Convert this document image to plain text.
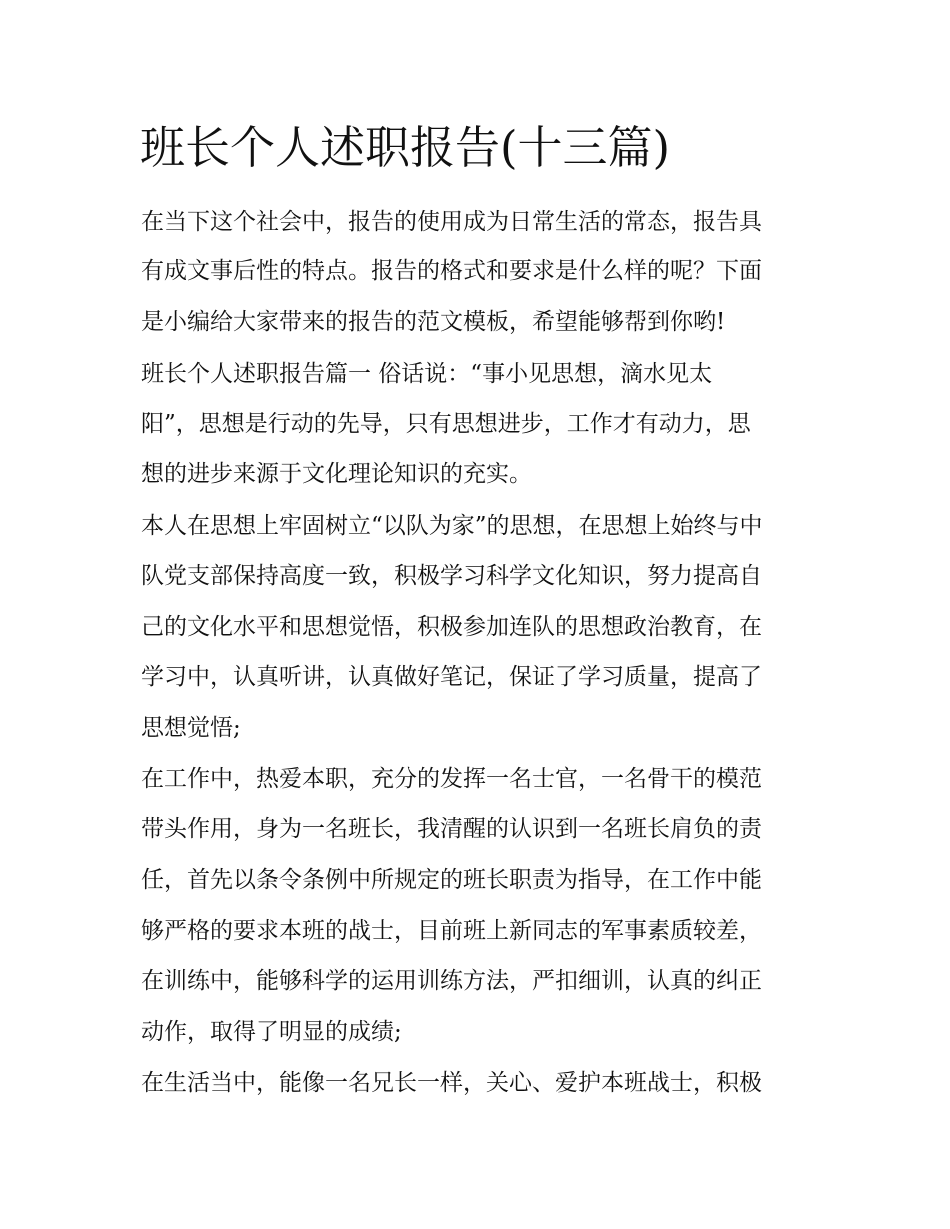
班长个人述职报告(十三篇)
在当下这个社会中，报告的使用成为日常生活的常态，报告具
有成文事后性的特点。报告的格式和要求是什么样的呢？下面
是小编给大家带来的报告的范文模板，希望能够帮到你哟!
班长个人述职报告篇一 俗话说：“事小见思想，滴水见太
阳”，思想是行动的先导，只有思想进步，工作才有动力，思
想的进步来源于文化理论知识的充实。
本人在思想上牢固树立“以队为家”的思想，在思想上始终与中
队党支部保持高度一致，积极学习科学文化知识，努力提高自
己的文化水平和思想觉悟，积极参加连队的思想政治教育，在
学习中，认真听讲，认真做好笔记，保证了学习质量，提高了
思想觉悟;
在工作中，热爱本职，充分的发挥一名士官，一名骨干的模范
带头作用，身为一名班长，我清醒的认识到一名班长肩负的责
任，首先以条令条例中所规定的班长职责为指导，在工作中能
够严格的要求本班的战士，目前班上新同志的军事素质较差，
在训练中，能够科学的运用训练方法，严扣细训，认真的纠正
动作，取得了明显的成绩;
在生活当中，能像一名兄长一样，关心、爱护本班战士，积极
